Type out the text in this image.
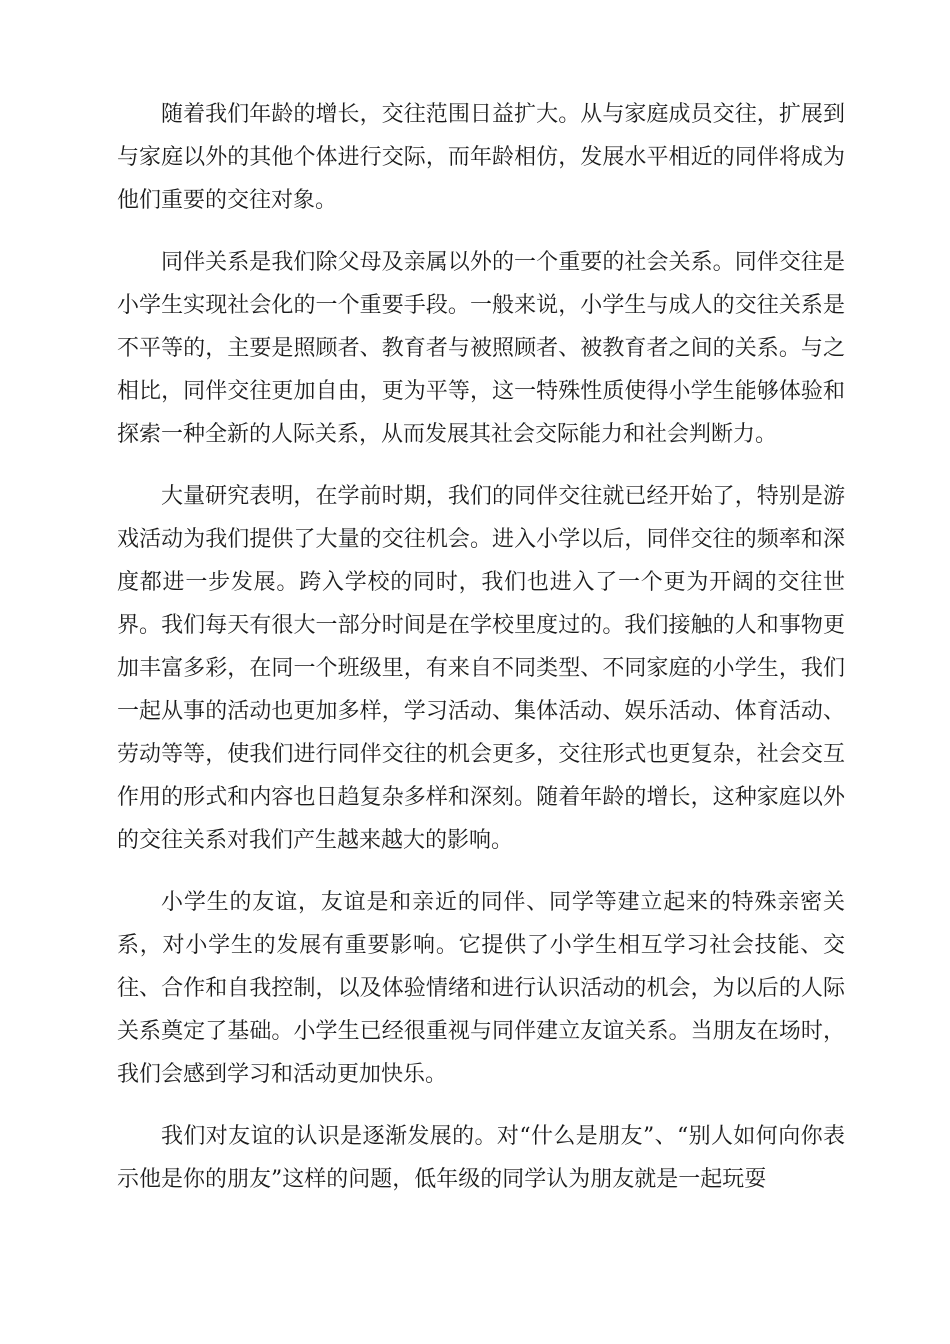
随着我们年龄的增长，交往范围日益扩大。从与家庭成员交往，扩展到与家庭以外的其他个体进行交际，而年龄相仿，发展水平相近的同伴将成为他们重要的交往对象。

同伴关系是我们除父母及亲属以外的一个重要的社会关系。同伴交往是小学生实现社会化的一个重要手段。一般来说，小学生与成人的交往关系是不平等的，主要是照顾者、教育者与被照顾者、被教育者之间的关系。与之相比，同伴交往更加自由，更为平等，这一特殊性质使得小学生能够体验和探索一种全新的人际关系，从而发展其社会交际能力和社会判断力。

大量研究表明，在学前时期，我们的同伴交往就已经开始了，特别是游戏活动为我们提供了大量的交往机会。进入小学以后，同伴交往的频率和深度都进一步发展。跨入学校的同时，我们也进入了一个更为开阔的交往世界。我们每天有很大一部分时间是在学校里度过的。我们接触的人和事物更加丰富多彩，在同一个班级里，有来自不同类型、不同家庭的小学生，我们一起从事的活动也更加多样，学习活动、集体活动、娱乐活动、体育活动、劳动等等，使我们进行同伴交往的机会更多，交往形式也更复杂，社会交互作用的形式和内容也日趋复杂多样和深刻。随着年龄的增长，这种家庭以外的交往关系对我们产生越来越大的影响。

小学生的友谊，友谊是和亲近的同伴、同学等建立起来的特殊亲密关系，对小学生的发展有重要影响。它提供了小学生相互学习社会技能、交往、合作和自我控制，以及体验情绪和进行认识活动的机会，为以后的人际关系奠定了基础。小学生已经很重视与同伴建立友谊关系。当朋友在场时，我们会感到学习和活动更加快乐。

我们对友谊的认识是逐渐发展的。对“什么是朋友”、“别人如何向你表示他是你的朋友”这样的问题，低年级的同学认为朋友就是一起玩耍
